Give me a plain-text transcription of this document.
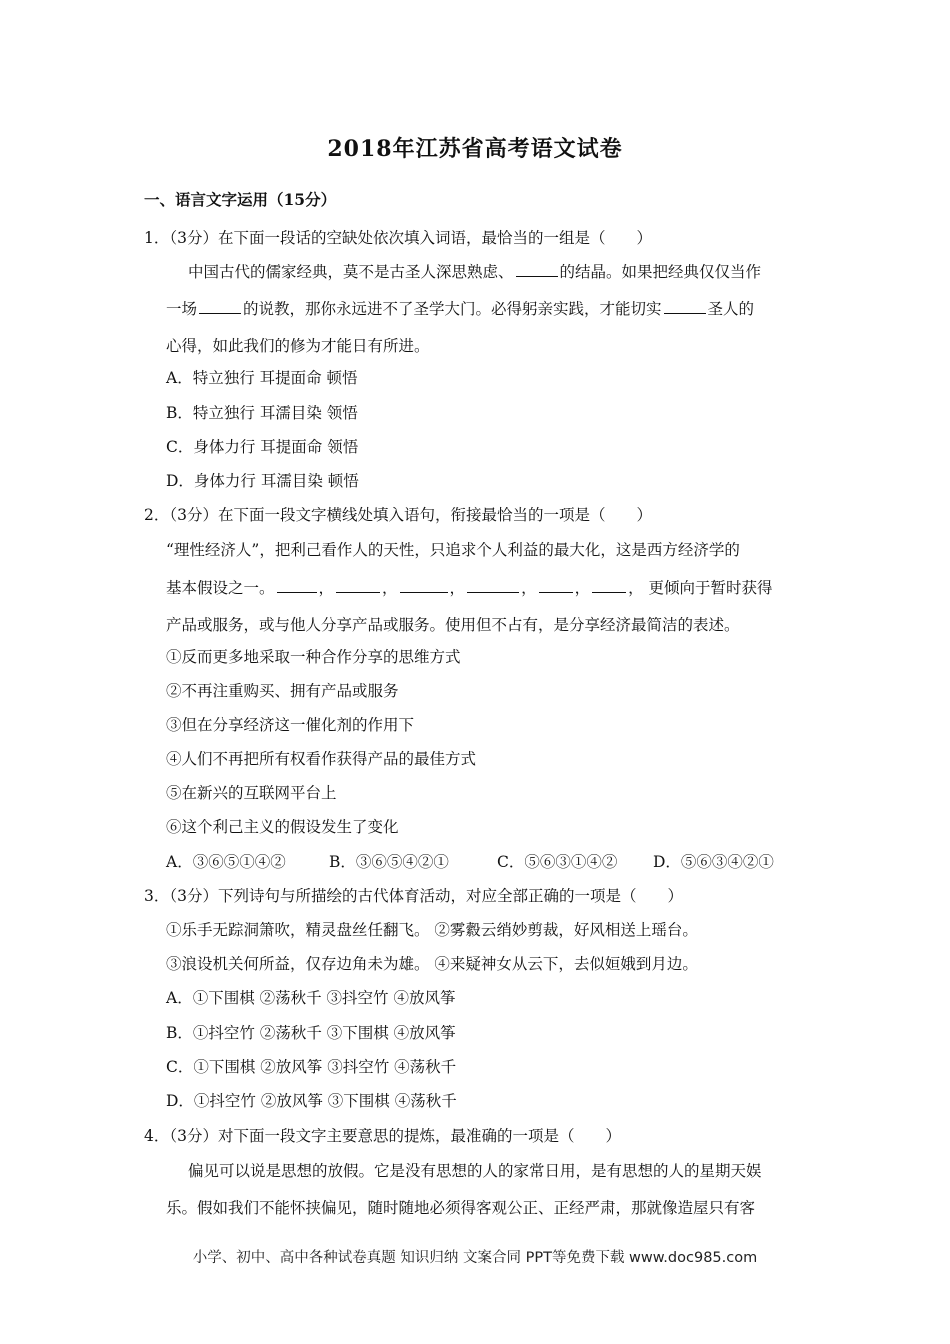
2018年江苏省高考语文试卷
一、语言文字运用（15分）
1．（3分）在下面一段话的空缺处依次填入词语，最恰当的一组是（　　）
中国古代的儒家经典，莫不是古圣人深思熟虑、	的结晶。如果把经典仅仅当作
一场	的说教，那你永远进不了圣学大门。必得躬亲实践，才能切实	圣人的
心得，如此我们的修为才能日有所进。
A．特立独行 耳提面命 顿悟
B．特立独行 耳濡目染 领悟
C．身体力行 耳提面命 领悟
D．身体力行 耳濡目染 顿悟
2．（3分）在下面一段文字横线处填入语句，衔接最恰当的一项是（　　）
“理性经济人”，把利己看作人的天性，只追求个人利益的最大化，这是西方经济学的
基本假设之一。	，	，	，	， ， ， 更倾向于暂时获得
产品或服务，或与他人分享产品或服务。使用但不占有，是分享经济最简洁的表述。
①反而更多地采取一种合作分享的思维方式
②不再注重购买、拥有产品或服务
③但在分享经济这一催化剂的作用下
④人们不再把所有权看作获得产品的最佳方式
⑤在新兴的互联网平台上
⑥这个利己主义的假设发生了变化
A．③⑥⑤①④②	B．③⑥⑤④②①	C．⑤⑥③①④② D．⑤⑥③④②①
3．（3分）下列诗句与所描绘的古代体育活动，对应全部正确的一项是（　　）
①乐手无踪洞箫吹，精灵盘丝任翻飞。 ②雾縠云绡妙剪裁，好风相送上瑶台。
③浪设机关何所益，仅存边角未为雄。 ④来疑神女从云下，去似姮娥到月边。
A．①下围棋 ②荡秋千 ③抖空竹 ④放风筝
B．①抖空竹 ②荡秋千 ③下围棋 ④放风筝
C．①下围棋 ②放风筝 ③抖空竹 ④荡秋千
D．①抖空竹 ②放风筝 ③下围棋 ④荡秋千
4．（3分）对下面一段文字主要意思的提炼，最准确的一项是（　　）
偏见可以说是思想的放假。它是没有思想的人的家常日用，是有思想的人的星期天娱
乐。假如我们不能怀挟偏见，随时随地必须得客观公正、正经严肃，那就像造屋只有客
小学、初中、高中各种试卷真题 知识归纳 文案合同 PPT等免费下载 www.doc985.com
